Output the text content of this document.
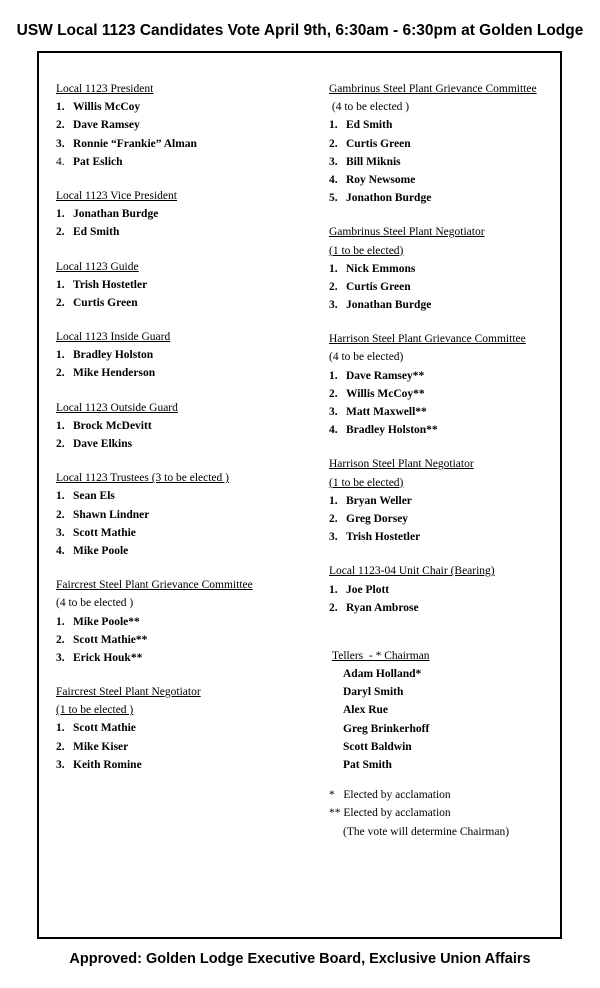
USW Local 1123 Candidates Vote April 9th, 6:30am - 6:30pm at Golden Lodge
Local 1123 President
1. Willis McCoy
2. Dave Ramsey
3. Ronnie “Frankie” Alman
4. Pat Eslich
Local 1123 Vice President
1. Jonathan Burdge
2. Ed Smith
Local 1123 Guide
1. Trish Hostetler
2. Curtis Green
Local 1123 Inside Guard
1. Bradley Holston
2. Mike Henderson
Local 1123 Outside Guard
1. Brock McDevitt
2. Dave Elkins
Local 1123 Trustees (3 to be elected )
1. Sean Els
2. Shawn Lindner
3. Scott Mathie
4. Mike Poole
Faircrest Steel Plant Grievance Committee
(4 to be elected )
1. Mike Poole**
2. Scott Mathie**
3. Erick Houk**
Faircrest Steel Plant Negotiator
(1 to be elected )
1. Scott Mathie
2. Mike Kiser
3. Keith Romine
Gambrinus Steel Plant Grievance Committee
(4 to be elected )
1. Ed Smith
2. Curtis Green
3. Bill Miknis
4. Roy Newsome
5. Jonathon Burdge
Gambrinus Steel Plant Negotiator
(1 to be elected)
1. Nick Emmons
2. Curtis Green
3. Jonathan Burdge
Harrison Steel Plant Grievance Committee
(4 to be elected)
1. Dave Ramsey**
2. Willis McCoy**
3. Matt Maxwell**
4. Bradley Holston**
Harrison Steel Plant Negotiator
(1 to be elected)
1. Bryan Weller
2. Greg Dorsey
3. Trish Hostetler
Local 1123-04 Unit Chair (Bearing)
1. Joe Plott
2. Ryan Ambrose
Tellers  - * Chairman
Adam Holland*
Daryl Smith
Alex Rue
Greg Brinkerhoff
Scott Baldwin
Pat Smith
*   Elected by acclamation
** Elected by acclamation
(The vote will determine Chairman)
Approved: Golden Lodge Executive Board, Exclusive Union Affairs
